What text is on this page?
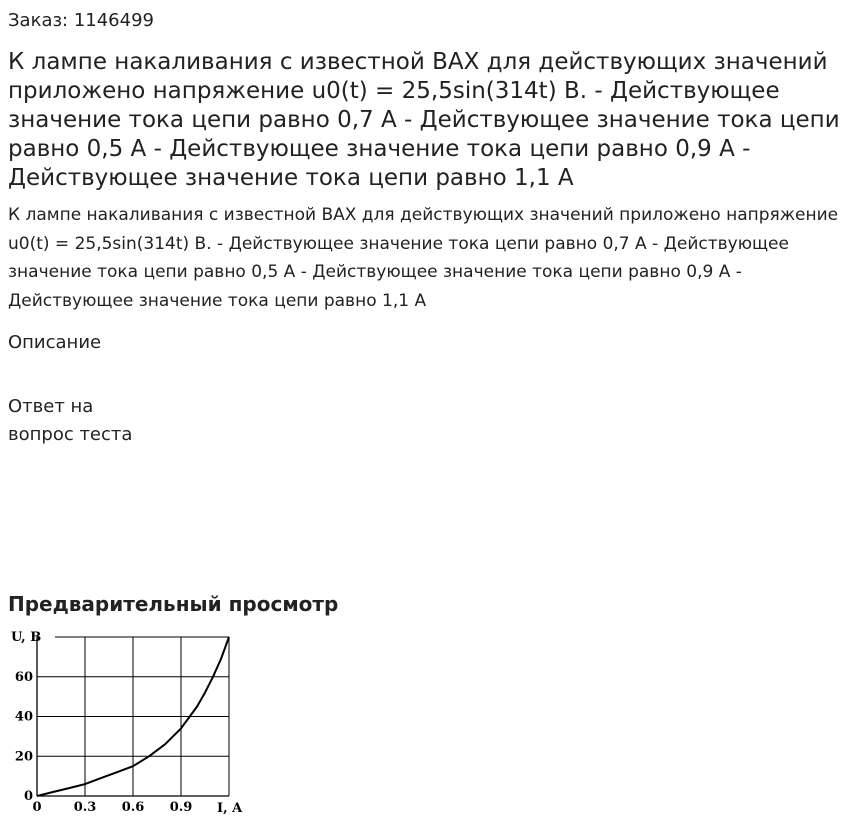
Заказ: 1146499
К лампе накаливания с известной ВАХ для действующих значений приложено напряжение u0(t) = 25,5sin(314t) В. - Действующее значение тока цепи равно 0,7 А - Действующее значение тока цепи равно 0,5 А - Действующее значение тока цепи равно 0,9 А - Действующее значение тока цепи равно 1,1 А

К лампе накаливания с известной ВАХ для действующих значений приложено напряжение u0(t) = 25,5sin(314t) В. - Действующее значение тока цепи равно 0,7 А - Действующее значение тока цепи равно 0,5 А - Действующее значение тока цепи равно 0,9 А - Действующее значение тока цепи равно 1,1 А

Описание
Ответ на вопрос теста
Предварительный просмотр
0 0.3 0.6 0.9
0
20
40
60
U, B
I, A
